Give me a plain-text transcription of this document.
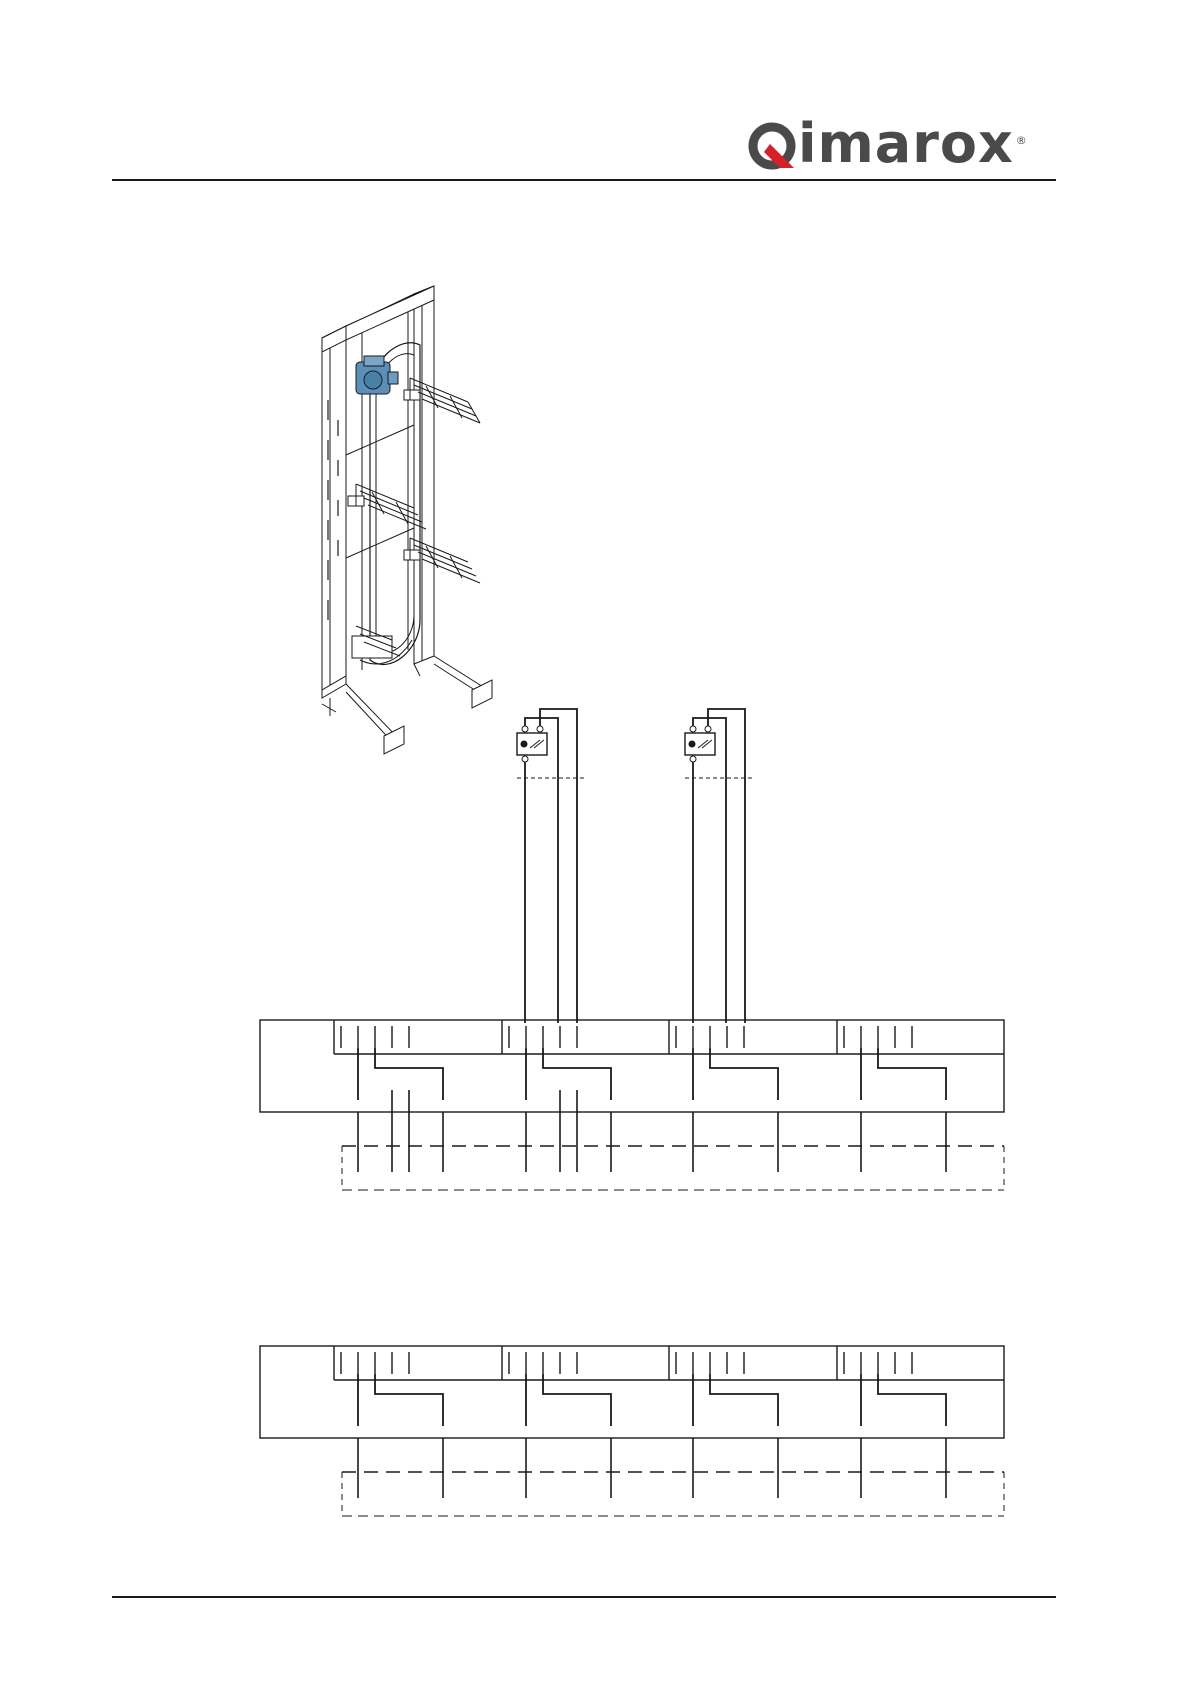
imarox ®
